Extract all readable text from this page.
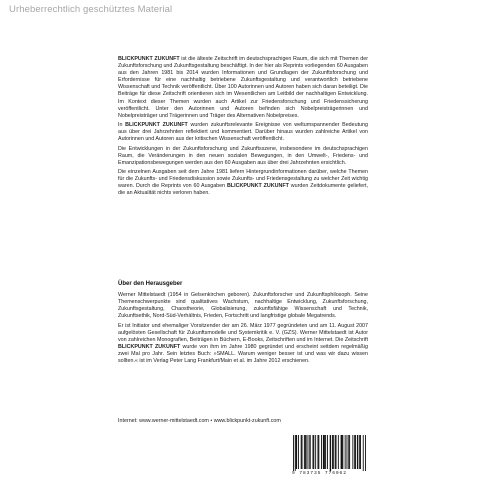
Urheberrechtlich geschütztes Material

BLICKPUNKT ZUKUNFT ist die älteste Zeitschrift im deutschsprachigen Raum, die sich mit Themen der Zukunftsforschung und Zukunftsgestaltung beschäftigt. In der hier als Reprints vorliegenden 60 Ausgaben aus den Jahren 1981 bis 2014 wurden Informationen und Grundlagen der Zukunftsforschung und Erfordernisse für eine nachhaltig betriebene Zukunftsgestaltung und verantwortlich betriebene Wissenschaft und Technik veröffentlicht. Über 100 Autorinnen und Autoren haben sich daran beteiligt. Die Beiträge für diese Zeitschrift orientieren sich im Wesentlichen am Leitbild der nachhaltigen Entwicklung. Im Kontext dieser Themen wurden auch Artikel zur Friedensforschung und Friedenssicherung veröffentlicht. Unter den Autorinnen und Autoren befinden sich Nobelpreisträgerinnen und Nobelpreisträger und Trägerinnen und Träger des Alternativen Nobelpreises.

In BLICKPUNKT ZUKUNFT wurden zukunftsrelevante Ereignisse von weltumspannender Bedeutung aus über drei Jahrzehnten reflektiert und kommentiert. Darüber hinaus wurden zahlreiche Artikel von Autorinnen und Autoren aus der kritischen Wissenschaft veröffentlicht.

Die Entwicklungen in der Zukunftsforschung und Zukunftsszene, insbesondere im deutschsprachigen Raum, die Veränderungen in den neuen sozialen Bewegungen, in den Umwelt-, Friedens- und Emanzipationsbewegungen werden aus den 60 Ausgaben aus über drei Jahrzehnten ersichtlich.

Die einzelnen Ausgaben seit dem Jahre 1981 liefern Hintergrundinformationen darüber, welche Themen für die Zukunfts- und Friedensdiskussion sowie Zukunfts- und Friedensgestaltung zu welcher Zeit wichtig waren. Durch die Reprints von 60 Ausgaben BLICKPUNKT ZUKUNFT wurden Zeitdokumente geliefert, die an Aktualität nichts verloren haben.

Über den Herausgeber

Werner Mittelstaedt (1954 in Gelsenkirchen geboren). Zukunftsforscher und Zukunftsphilosoph. Seine Themenschwerpunkte sind qualitatives Wachstum, nachhaltige Entwicklung, Zukunftsforschung, Zukunftsgestaltung, Chaostheorie, Globalisierung, zukunftsfähige Wissenschaft und Technik, Zukunftsethik, Nord-Süd-Verhältnis, Frieden, Fortschritt und langfristige globale Megatrends.

Er ist Initiator und ehemaliger Vorsitzender der am 26. März 1977 gegründeten und am 11. August 2007 aufgelösten Gesellschaft für Zukunftsmodelle und Systemkritik e. V. (GZS). Werner Mittelstaedt ist Autor von zahlreichen Monografien, Beiträgen in Büchern, E-Books, Zeitschriften und im Internet. Die Zeitschrift BLICKPUNKT ZUKUNFT wurde von ihm im Jahre 1980 gegründet und erscheint seitdem regelmäßig zwei Mal pro Jahr. Sein letztes Buch: »SMALL. Warum weniger besser ist und was wir dazu wissen sollten.« ist im Verlag Peter Lang Frankfurt/Main et al. im Jahre 2012 erschienen.

Internet: www.werner-mittelstaedt.com • www.blickpunkt-zukunft.com
9 783735 776062
